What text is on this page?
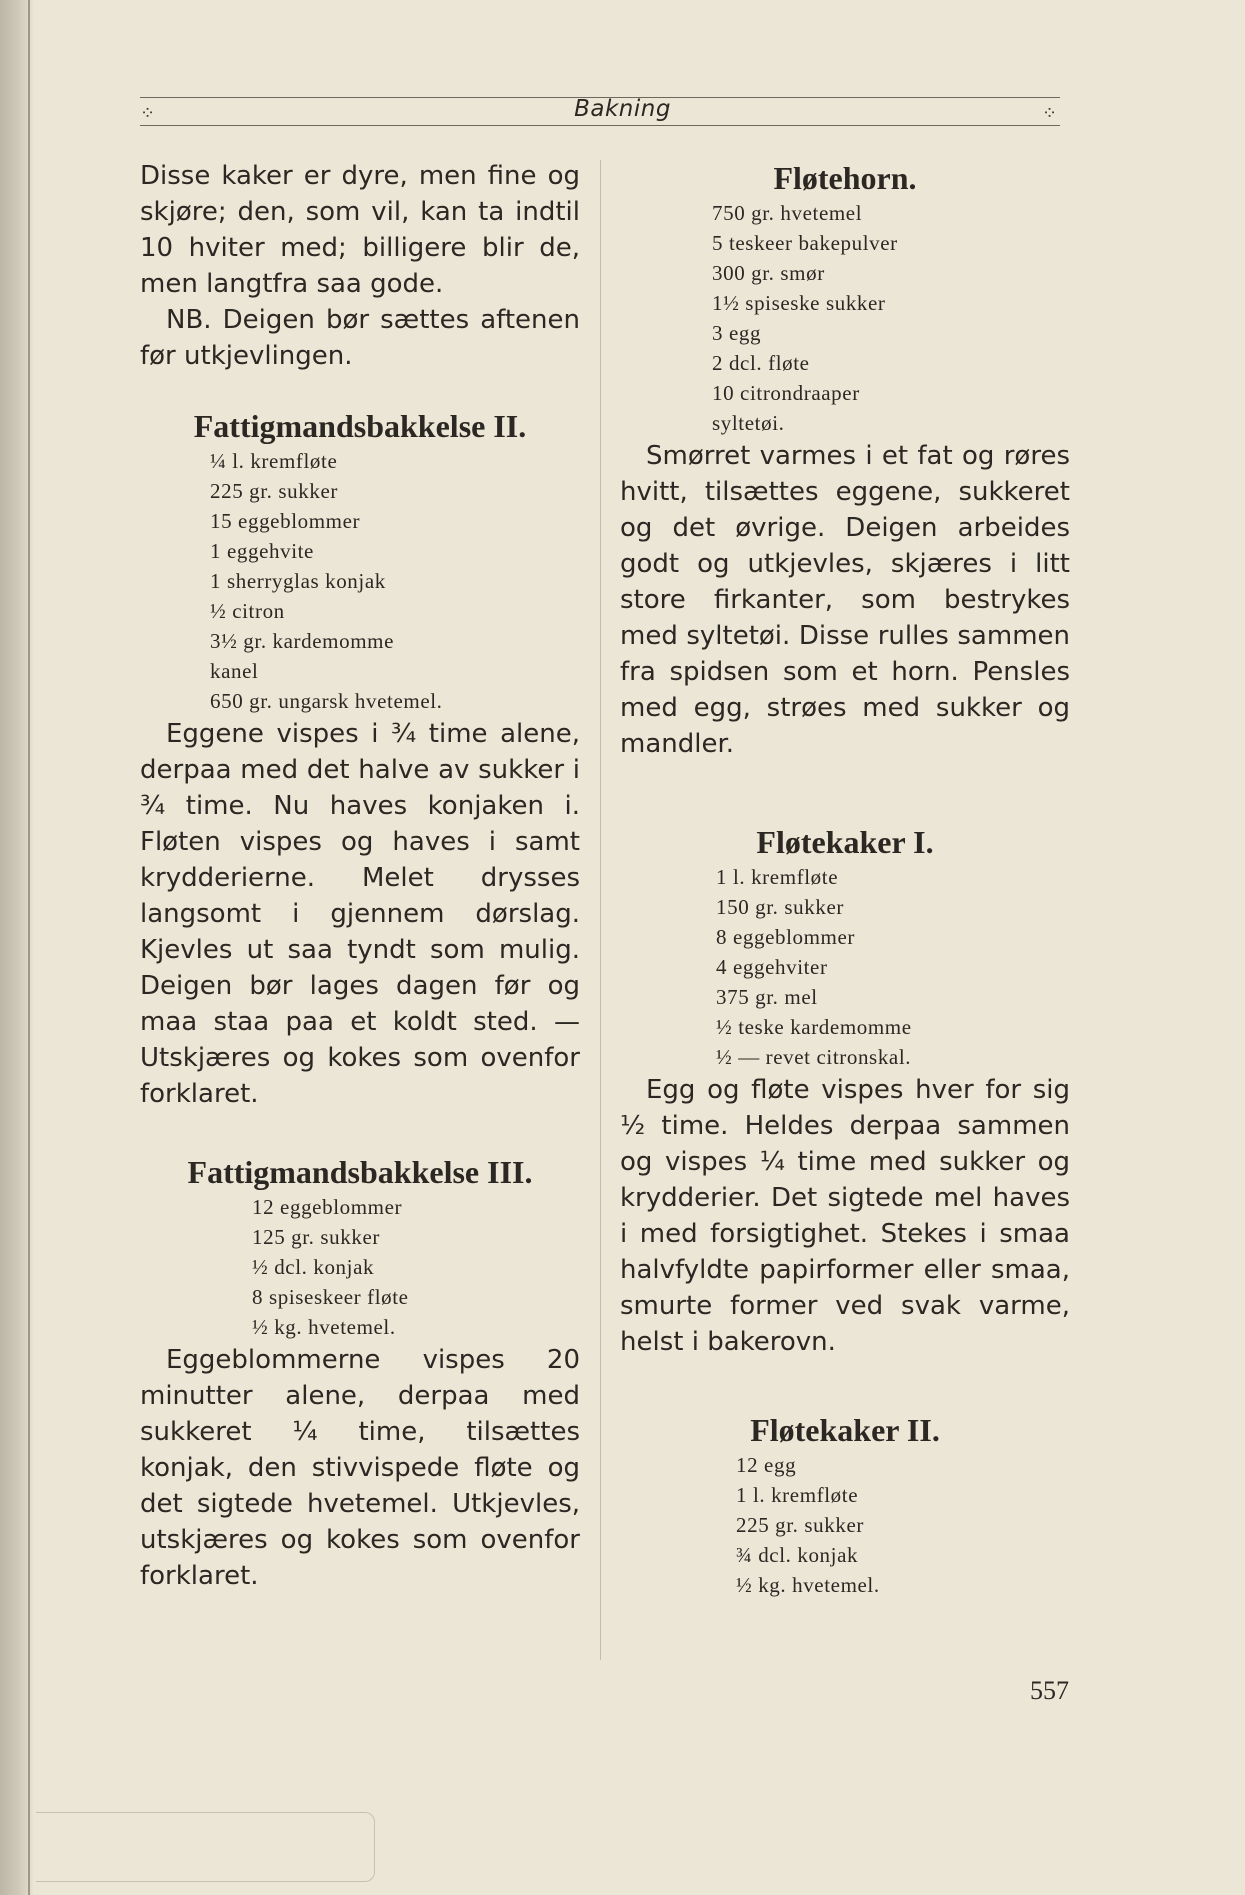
⁘	Bakning	⁘

Disse kaker er dyre, men fine og skjøre; den, som vil, kan ta indtil 10 hviter med; billigere blir de, men langtfra saa gode.

NB. Deigen bør sættes aftenen før utkjevlingen.

Fattigmandsbakkelse II.
¼ l. kremfløte
225 gr. sukker
15 eggeblommer
1 eggehvite
1 sherryglas konjak
½ citron
3½ gr. kardemomme
kanel
650 gr. ungarsk hvetemel.

Eggene vispes i ¾ time alene, derpaa med det halve av sukker i ¾ time. Nu haves konjaken i. Fløten vispes og haves i samt krydderierne. Melet drysses langsomt i gjennem dørslag. Kjevles ut saa tyndt som mulig. Deigen bør lages dagen før og maa staa paa et koldt sted. — Utskjæres og kokes som ovenfor forklaret.

Fattigmandsbakkelse III.
12 eggeblommer
125 gr. sukker
½ dcl. konjak
8 spiseskeer fløte
½ kg. hvetemel.

Eggeblommerne vispes 20 minutter alene, derpaa med sukkeret ¼ time, tilsættes konjak, den stivvispede fløte og det sigtede hvetemel. Utkjevles, utskjæres og kokes som ovenfor forklaret.

Fløtehorn.
750 gr. hvetemel
5 teskeer bakepulver
300 gr. smør
1½ spiseske sukker
3 egg
2 dcl. fløte
10 citrondraaper
syltetøi.

Smørret varmes i et fat og røres hvitt, tilsættes eggene, sukkeret og det øvrige. Deigen arbeides godt og utkjevles, skjæres i litt store firkanter, som bestrykes med syltetøi. Disse rulles sammen fra spidsen som et horn. Pensles med egg, strøes med sukker og mandler.

Fløtekaker I.
1 l. kremfløte
150 gr. sukker
8 eggeblommer
4 eggehviter
375 gr. mel
½ teske kardemomme
½ — revet citronskal.

Egg og fløte vispes hver for sig ½ time. Heldes derpaa sammen og vispes ¼ time med sukker og krydderier. Det sigtede mel haves i med forsigtighet. Stekes i smaa halvfyldte papirformer eller smaa, smurte former ved svak varme, helst i bakerovn.

Fløtekaker II.
12 egg
1 l. kremfløte
225 gr. sukker
¾ dcl. konjak
½ kg. hvetemel.
557
